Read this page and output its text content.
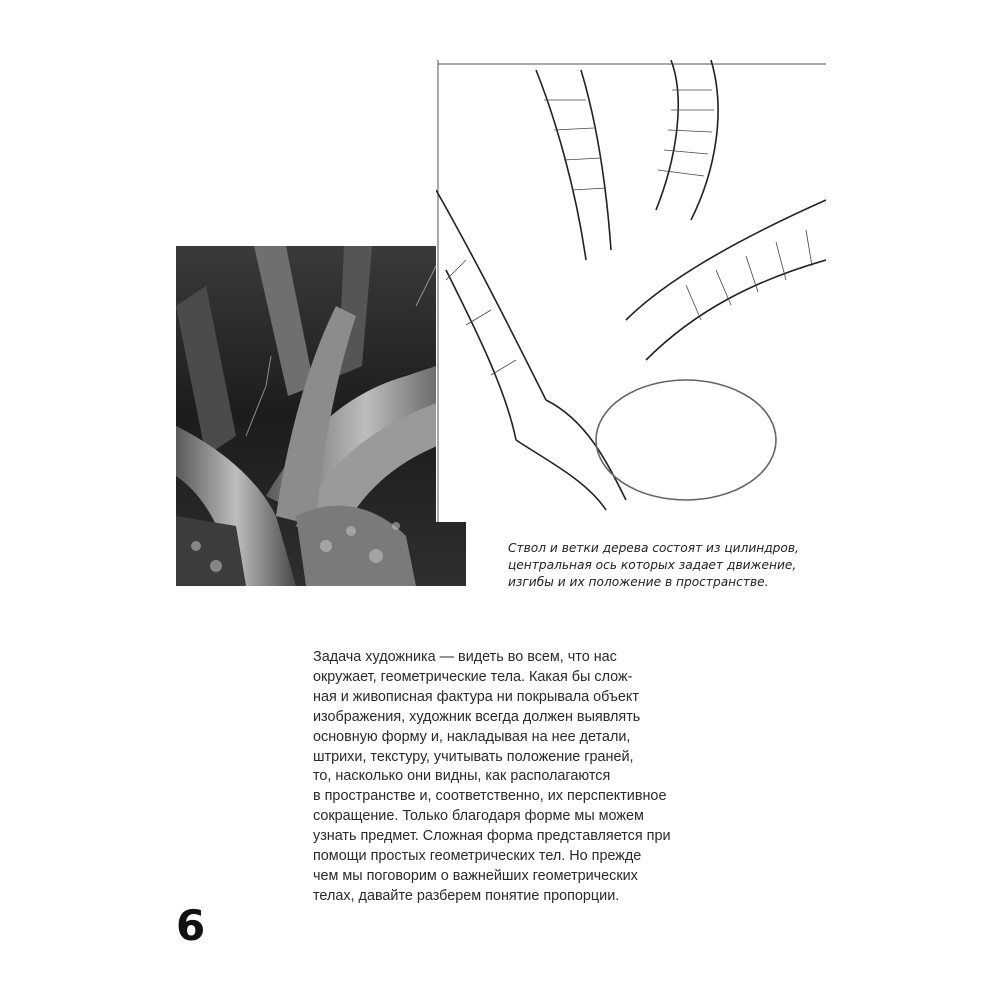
Ствол и ветки дерева состоят из цилиндров,
центральная ось которых задает движение,
изгибы и их положение в пространстве.
Задача художника — видеть во всем, что нас
окружает, геометрические тела. Какая бы слож-
ная и живописная фактура ни покрывала объект
изображения, художник всегда должен выявлять
основную форму и, накладывая на нее детали,
штрихи, текстуру, учитывать положение граней,
то, насколько они видны, как располагаются
в пространстве и, соответственно, их перспективное
сокращение. Только благодаря форме мы можем
узнать предмет. Сложная форма представляется при
помощи простых геометрических тел. Но прежде
чем мы поговорим о важнейших геометрических
телах, давайте разберем понятие пропорции.
6
